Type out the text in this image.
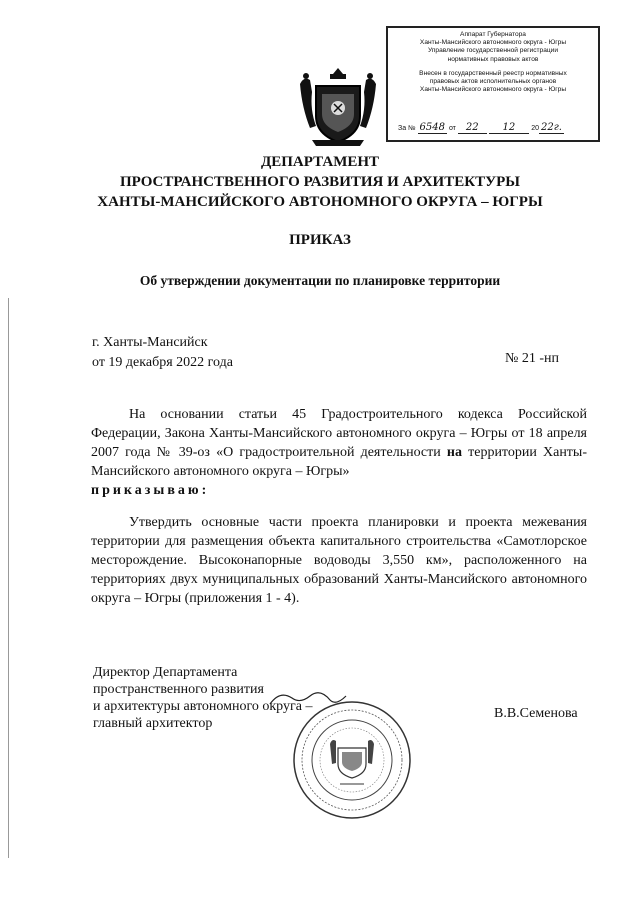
Аппарат Губернатора
Ханты-Мансийского автономного округа - Югры
Управление государственной регистрации
нормативных правовых актов
Внесен в государственный реестр нормативных
правовых актов исполнительных органов
Ханты-Мансийского автономного округа - Югры
За № 6548 от 22 12 20 22г.
ДЕПАРТАМЕНТ
ПРОСТРАНСТВЕННОГО РАЗВИТИЯ И АРХИТЕКТУРЫ
ХАНТЫ-МАНСИЙСКОГО АВТОНОМНОГО ОКРУГА – ЮГРЫ
ПРИКАЗ
Об утверждении документации по планировке территории
г. Ханты-Мансийск
от 19 декабря 2022 года	№ 21 -нп
На основании статьи 45 Градостроительного кодекса Российской Федерации, Закона Ханты-Мансийского автономного округа – Югры от 18 апреля 2007 года № 39-оз «О градостроительной деятельности на территории Ханты-Мансийского автономного округа – Югры»
приказываю:
Утвердить основные части проекта планировки и проекта межевания территории для размещения объекта капитального строительства «Самотлорское месторождение. Высоконапорные водоводы 3,550 км», расположенного на территориях двух муниципальных образований Ханты-Мансийского автономного округа – Югры (приложения 1 - 4).
Директор Департамента
пространственного развития
и архитектуры автономного округа –
главный архитектор
В.В.Семенова
